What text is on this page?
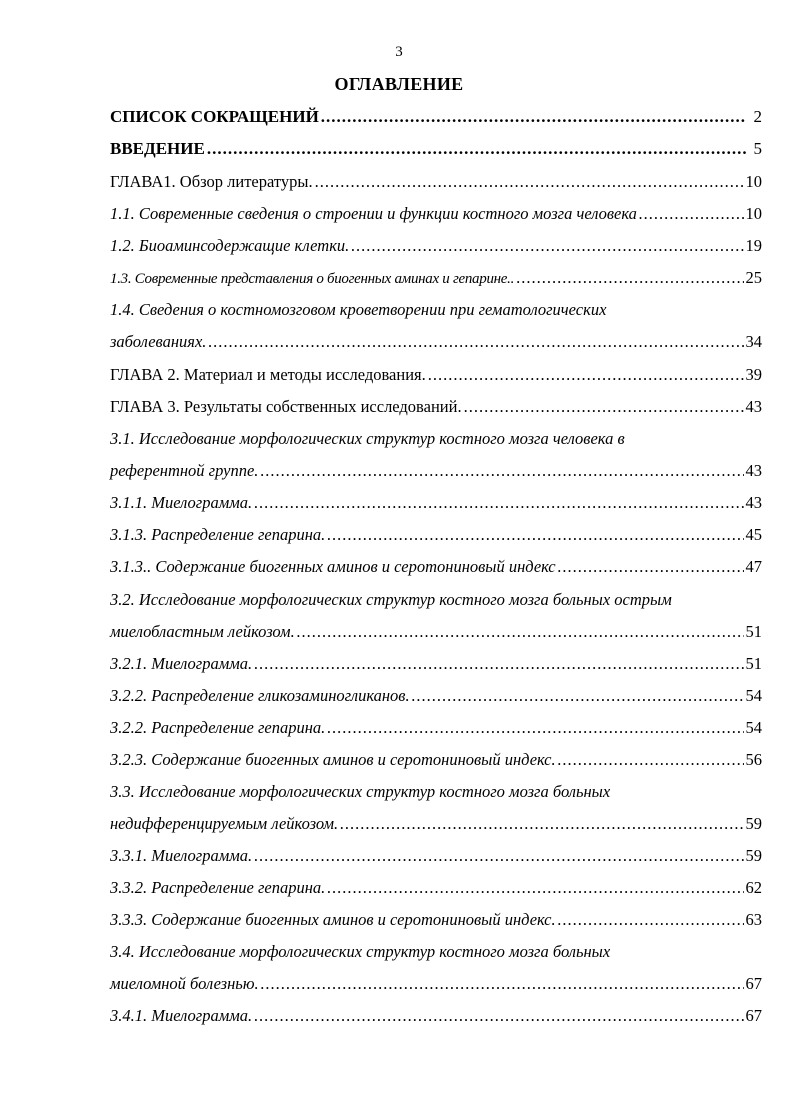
3
ОГЛАВЛЕНИЕ
СПИСОК СОКРАЩЕНИЙ .....	2
ВВЕДЕНИЕ .....	5
ГЛАВА1. Обзор литературы. .....	10
1.1. Современные сведения о строении и функции костного мозга человека .....	10
1.2. Биоаминсодержащие клетки. .....	19
1.3. Современные представления о биогенных аминах и гепарине.. .....	25
1.4. Сведения о костномозговом кроветворении при гематологических
заболеваниях. .....	34
ГЛАВА 2. Материал и методы исследования. .....	39
ГЛАВА 3. Результаты собственных исследований. .....	43
3.1. Исследование морфологических структур костного мозга человека в
референтной группе. .....	43
3.1.1. Миелограмма. .....	43
3.1.3. Распределение гепарина. .....	45
3.1.3.. Содержание биогенных аминов и серотониновый индекс .....	47
3.2. Исследование морфологических структур костного мозга больных острым
миелобластным лейкозом. .....	51
3.2.1. Миелограмма. .....	51
3.2.2. Распределение гликозаминогликанов. .....	54
3.2.2. Распределение гепарина. .....	54
3.2.3. Содержание биогенных аминов и серотониновый индекс. .....	56
3.3. Исследование морфологических структур костного мозга больных
недифференцируемым лейкозом. .....	59
3.3.1. Миелограмма. .....	59
3.3.2. Распределение гепарина. .....	62
3.3.3. Содержание биогенных аминов и серотониновый индекс. .....	63
3.4. Исследование морфологических структур костного мозга больных
миеломной болезнью. .....	67
3.4.1. Миелограмма. .....	67
